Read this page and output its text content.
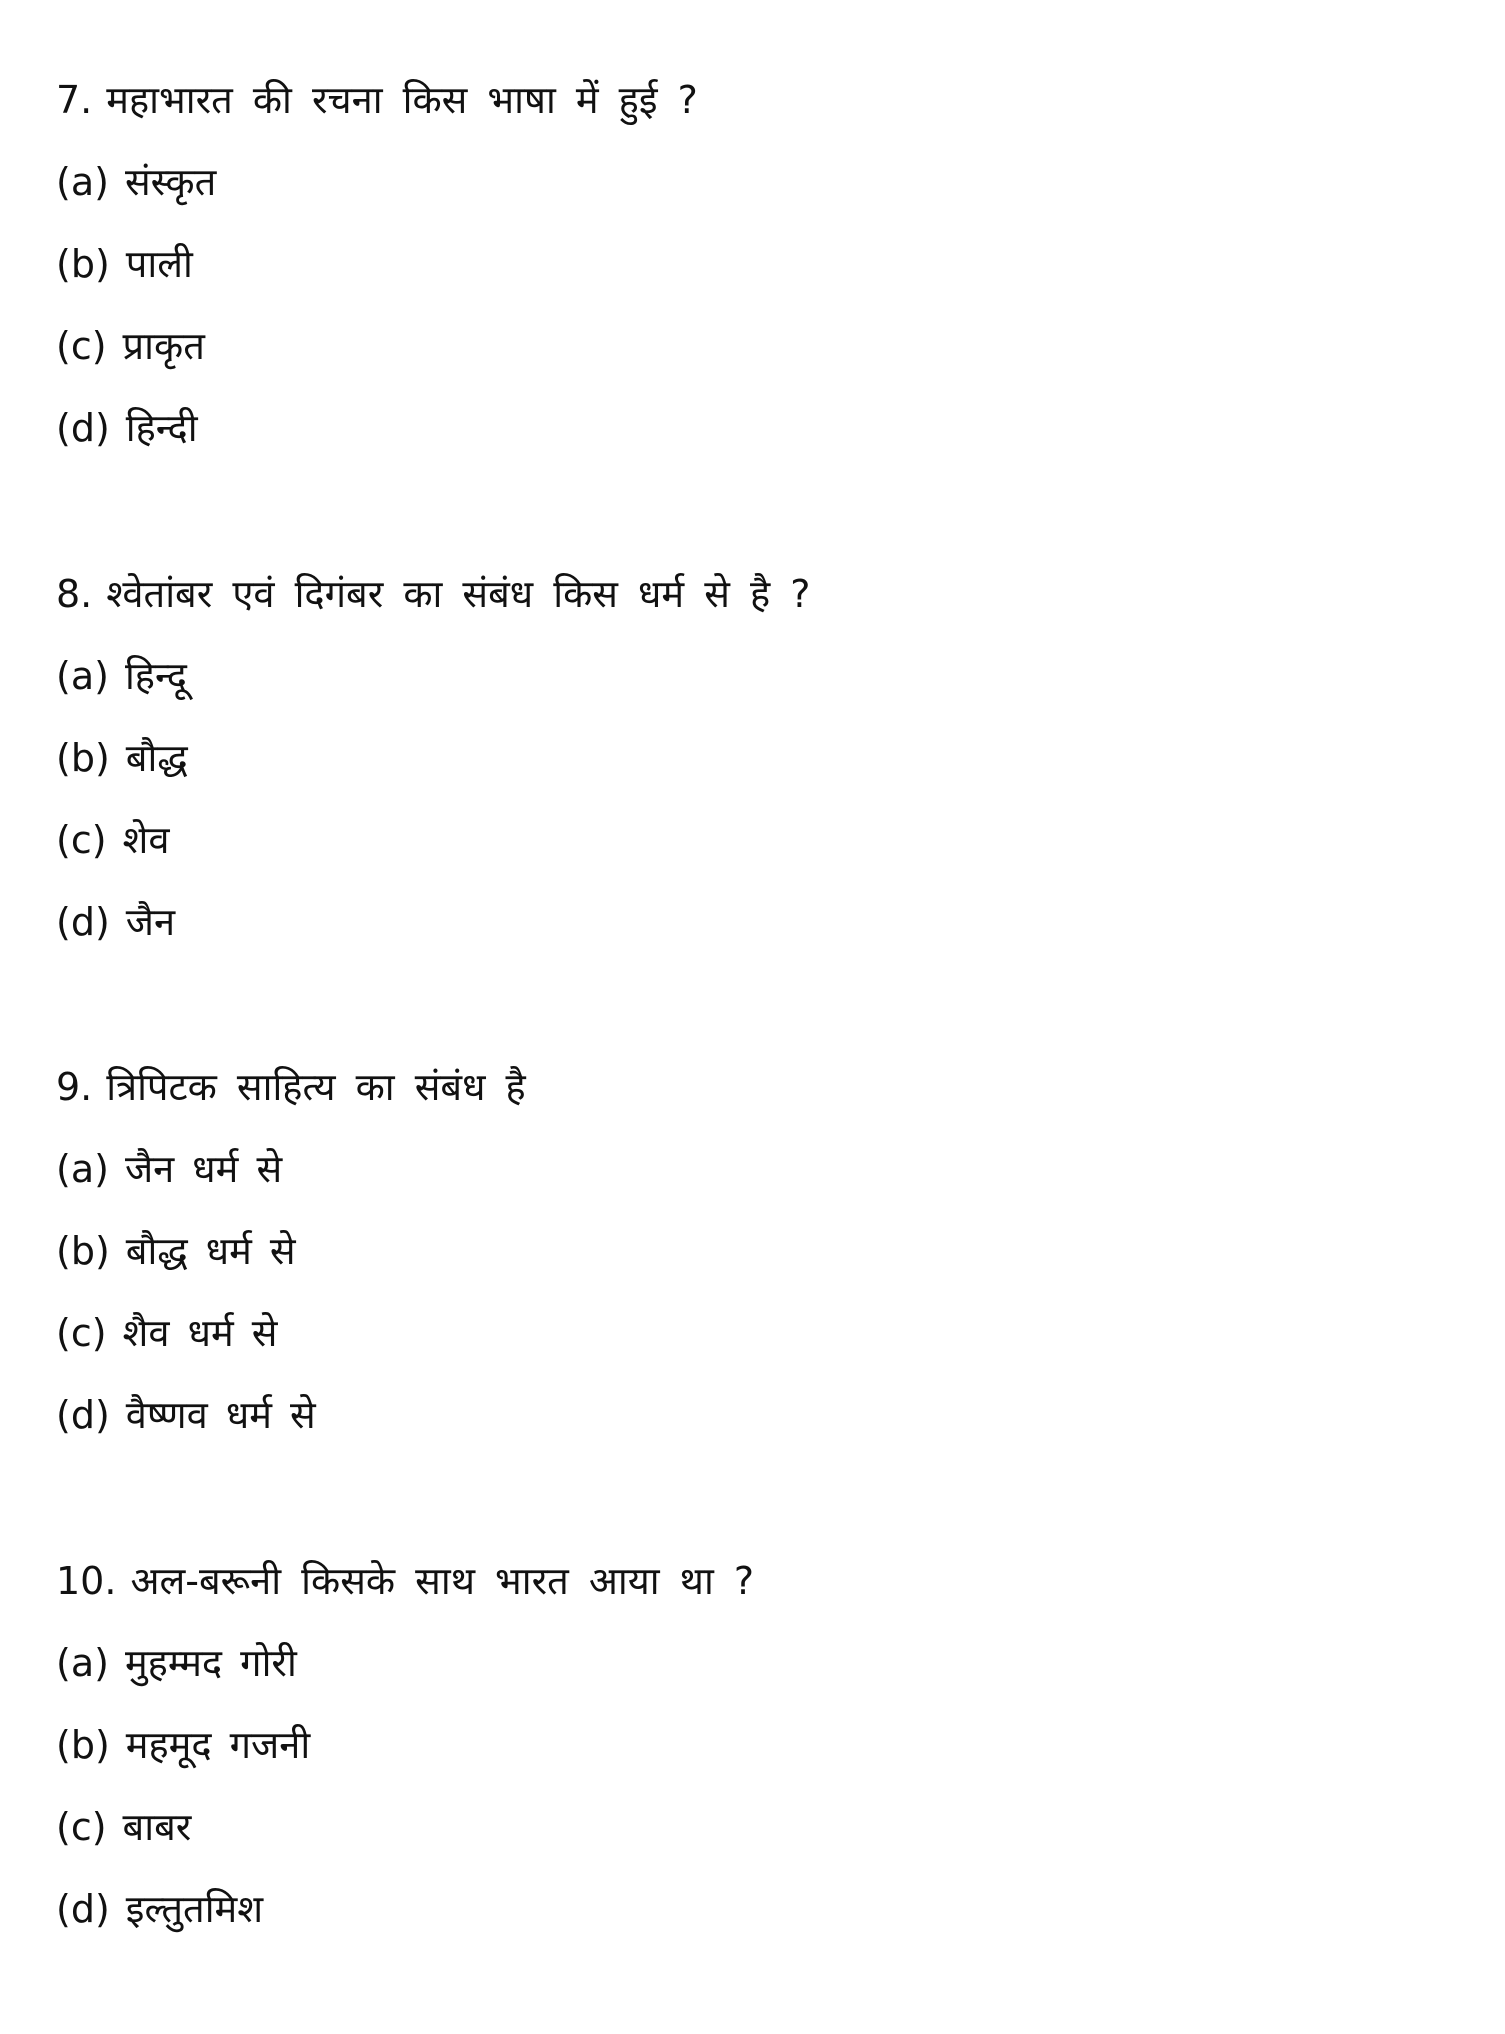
7. महाभारत की रचना किस भाषा में हुई ?
(a) संस्कृत
(b) पाली
(c) प्राकृत
(d) हिन्दी
8. श्वेतांबर एवं दिगंबर का संबंध किस धर्म से है ?
(a) हिन्दू
(b) बौद्ध
(c) शेव
(d) जैन
9. त्रिपिटक साहित्य का संबंध है
(a) जैन धर्म से
(b) बौद्ध धर्म से
(c) शैव धर्म से
(d) वैष्णव धर्म से
10. अल-बरूनी किसके साथ भारत आया था ?
(a) मुहम्मद गोरी
(b) महमूद गजनी
(c) बाबर
(d) इल्तुतमिश
